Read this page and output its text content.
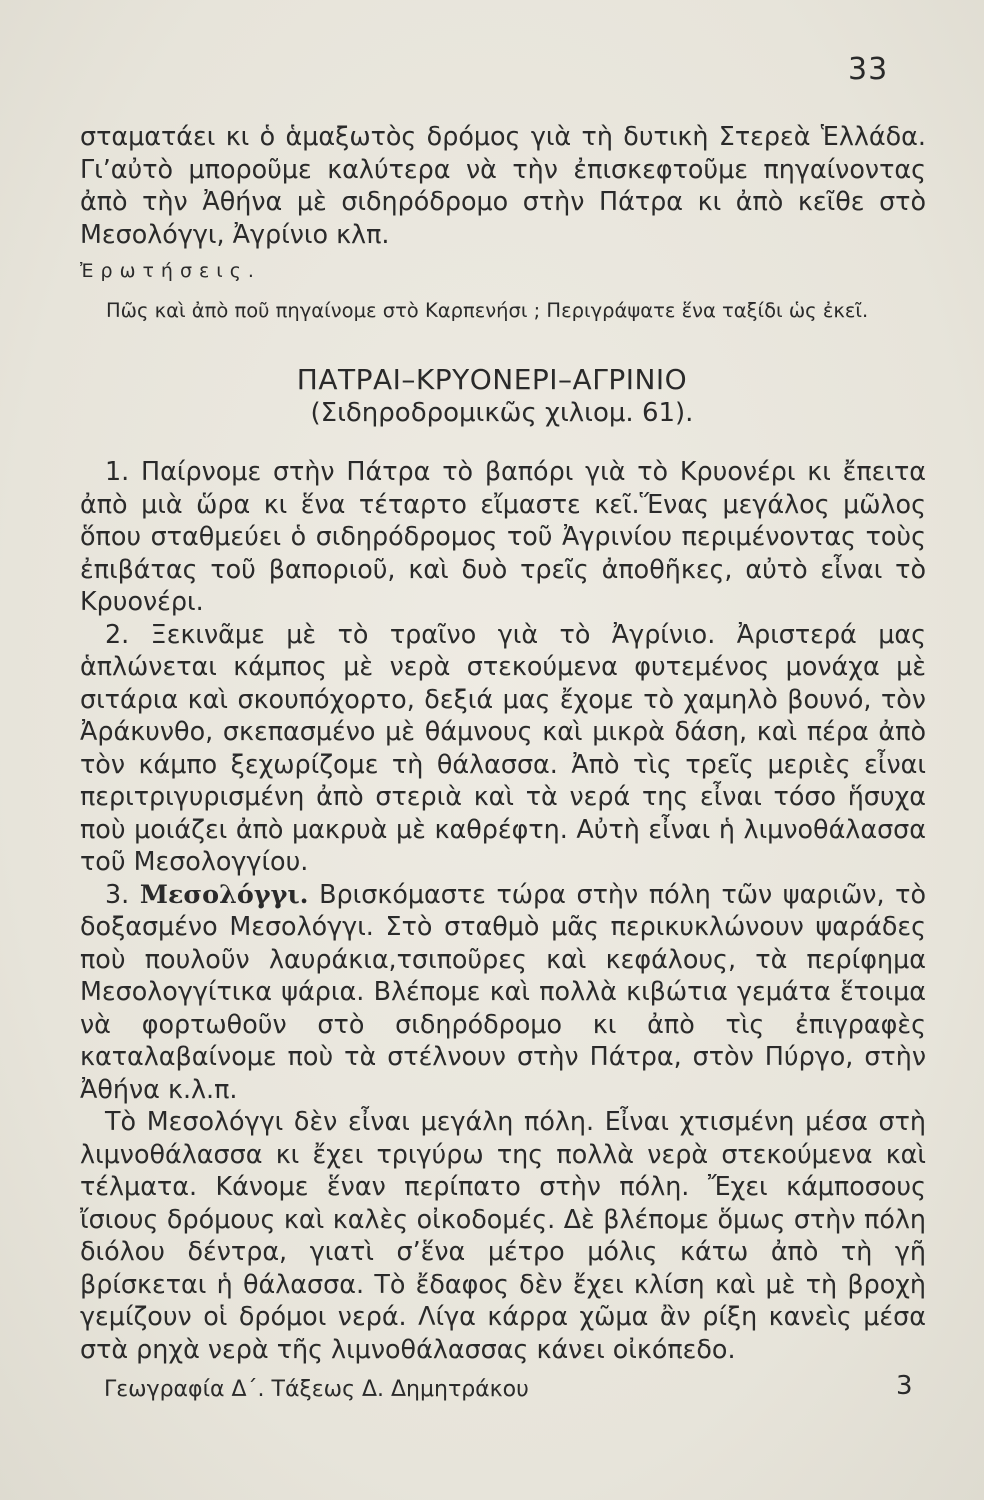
33

σταματάει κι ὁ ἁμαξωτὸς δρόμος γιὰ τὴ δυτικὴ Στερεὰ Ἑλλάδα. Γι’αὐτὸ μποροῦμε καλύτερα νὰ τὴν ἐπισκεφτοῦμε πηγαίνοντας ἀπὸ τὴν Ἀθήνα μὲ σιδηρόδρομο στὴν Πάτρα κι ἀπὸ κεῖθε στὸ Μεσολόγγι, Ἀγρίνιο κλπ.

Ἐρωτήσεις.
Πῶς καὶ ἀπὸ ποῦ πηγαίνομε στὸ Καρπενήσι ; Περιγράψατε ἕνα ταξίδι ὡς ἐκεῖ.
ΠΑΤΡΑΙ–ΚΡΥΟΝΕΡΙ–ΑΓΡΙΝΙΟ
(Σιδηροδρομικῶς χιλιομ. 61).

1. Παίρνομε στὴν Πάτρα τὸ βαπόρι γιὰ τὸ Κρυονέρι κι ἔπειτα ἀπὸ μιὰ ὥρα κι ἕνα τέταρτο εἴμαστε κεῖ.Ἕνας μεγάλος μῶλος ὅπου σταθμεύει ὁ σιδηρόδρομος τοῦ Ἀγρινίου περιμένοντας τοὺς ἐπιβάτας τοῦ βαποριοῦ, καὶ δυὸ τρεῖς ἀποθῆκες, αὐτὸ εἶναι τὸ Κρυονέρι.

2. Ξεκινᾶμε μὲ τὸ τραῖνο γιὰ τὸ Ἀγρίνιο. Ἀριστερά μας ἁπλώνεται κάμπος μὲ νερὰ στεκούμενα φυτεμένος μονάχα μὲ σιτάρια καὶ σκουπόχορτο, δεξιά μας ἔχομε τὸ χαμηλὸ βουνό, τὸν Ἀράκυνθο, σκεπασμένο μὲ θάμνους καὶ μικρὰ δάση, καὶ πέρα ἀπὸ τὸν κάμπο ξεχωρίζομε τὴ θάλασσα. Ἀπὸ τὶς τρεῖς μεριὲς εἶναι περιτριγυρισμένη ἀπὸ στεριὰ καὶ τὰ νερά της εἶναι τόσο ἥσυχα ποὺ μοιάζει ἀπὸ μακρυὰ μὲ καθρέφτη. Αὐτὴ εἶναι ἡ λιμνοθάλασσα τοῦ Μεσολογγίου.

3. Μεσολόγγι. Βρισκόμαστε τώρα στὴν πόλη τῶν ψαριῶν, τὸ δοξασμένο Μεσολόγγι. Στὸ σταθμὸ μᾶς περικυκλώνουν ψαράδες ποὺ πουλοῦν λαυράκια,τσιποῦρες καὶ κεφάλους, τὰ περίφημα Μεσολογγίτικα ψάρια. Βλέπομε καὶ πολλὰ κιβώτια γεμάτα ἕτοιμα νὰ φορτωθοῦν στὸ σιδηρόδρομο κι ἀπὸ τὶς ἐπιγραφὲς καταλαβαίνομε ποὺ τὰ στέλνουν στὴν Πάτρα, στὸν Πύργο, στὴν Ἀθήνα κ.λ.π.

Τὸ Μεσολόγγι δὲν εἶναι μεγάλη πόλη. Εἶναι χτισμένη μέσα στὴ λιμνοθάλασσα κι ἔχει τριγύρω της πολλὰ νερὰ στεκούμενα καὶ τέλματα. Κάνομε ἕναν περίπατο στὴν πόλη. Ἔχει κάμποσους ἴσιους δρόμους καὶ καλὲς οἰκοδομές. Δὲ βλέπομε ὅμως στὴν πόλη διόλου δέντρα, γιατὶ σ’ἕνα μέτρο μόλις κάτω ἀπὸ τὴ γῆ βρίσκεται ἡ θάλασσα. Τὸ ἔδαφος δὲν ἔχει κλίση καὶ μὲ τὴ βροχὴ γεμίζουν οἱ δρόμοι νερά. Λίγα κάρρα χῶμα ἂν ρίξη κανεὶς μέσα στὰ ρηχὰ νερὰ τῆς λιμνοθάλασσας κάνει οἰκόπεδο.

Γεωγραφία Δ΄. Τάξεως Δ. Δημητράκου	3
